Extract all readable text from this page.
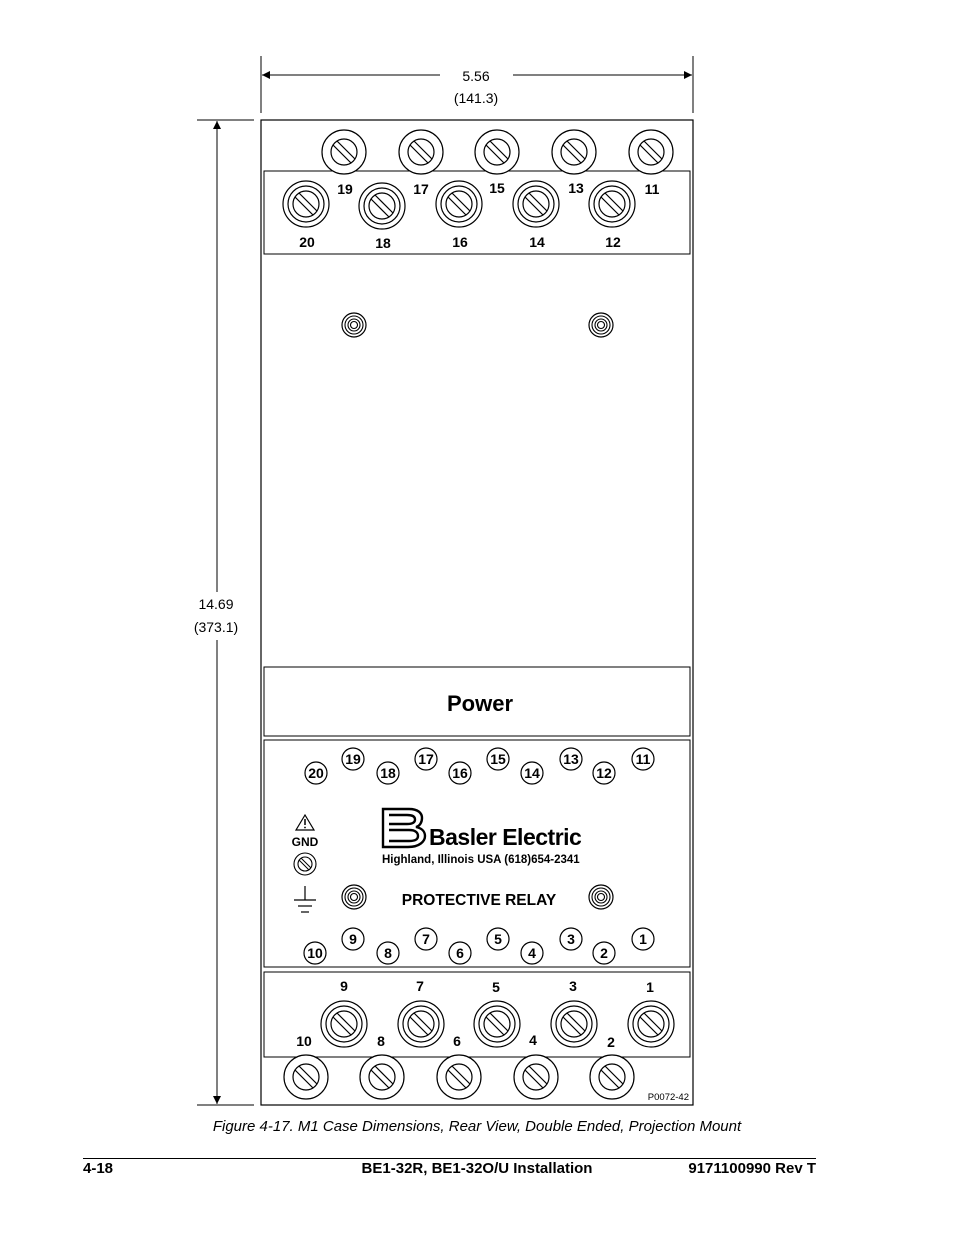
5.56
(141.3)
14.69
(373.1)
19	17	15	13	11
20	18	16	14	12
Power
19	17	15	13	11
20	18	16	14	12
9	7	5	3	1
10	8	6	4	2
GND	Basler Electric
Highland, Illinois USA (618)654-2341
PROTECTIVE RELAY
9	7	5	3	1
10	8	6	4	2
P0072-42
Figure 4-17. M1 Case Dimensions, Rear View, Double Ended, Projection Mount
4-18	BE1-32R, BE1-32O/U Installation	9171100990 Rev T
